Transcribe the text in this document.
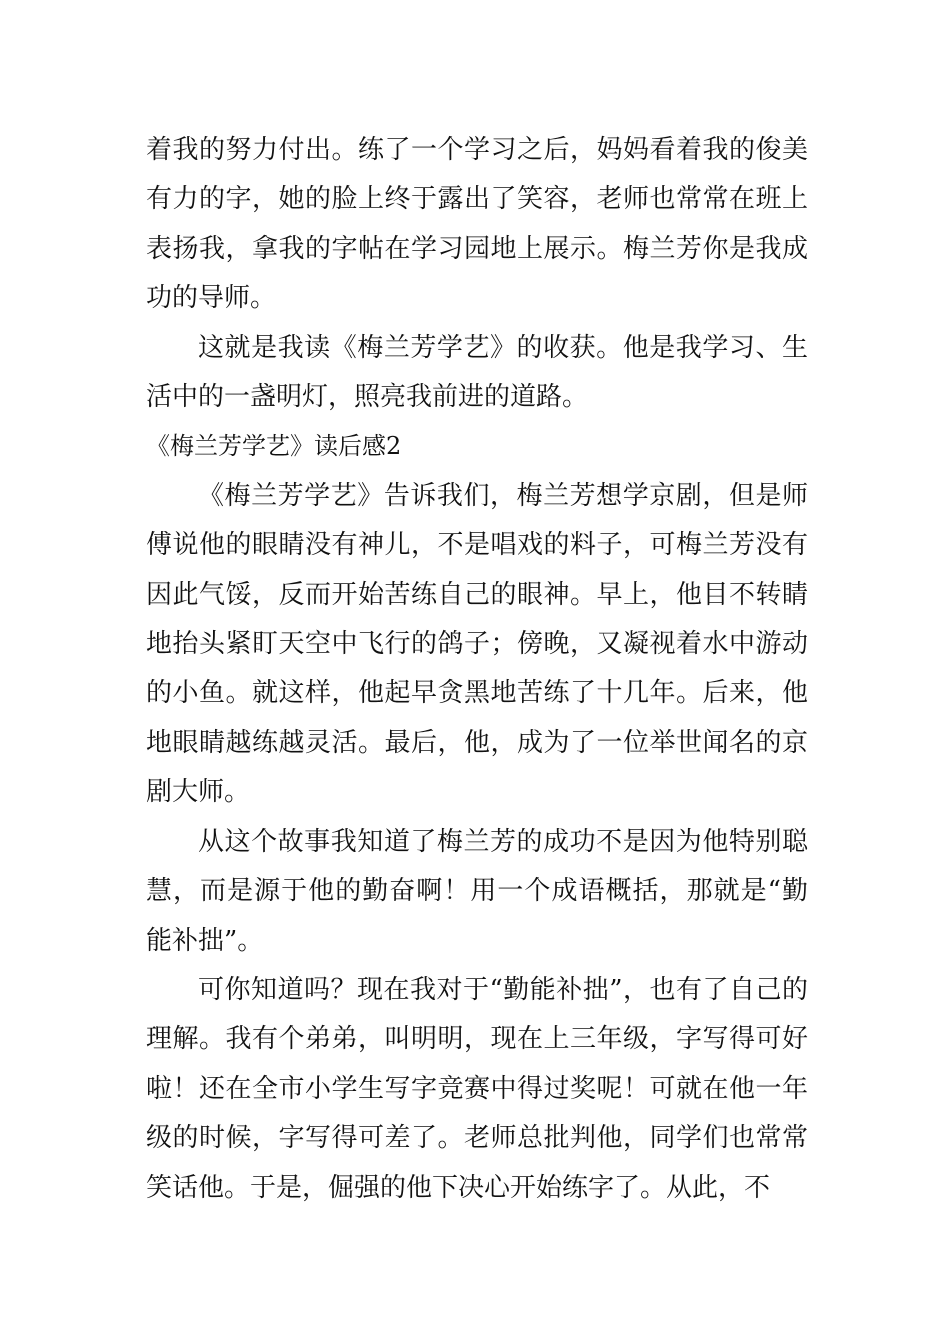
着我的努力付出。练了一个学习之后，妈妈看着我的俊美有力的字，她的脸上终于露出了笑容，老师也常常在班上表扬我，拿我的字帖在学习园地上展示。梅兰芳你是我成功的导师。

这就是我读《梅兰芳学艺》的收获。他是我学习、生活中的一盏明灯，照亮我前进的道路。

《梅兰芳学艺》读后感2

《梅兰芳学艺》告诉我们，梅兰芳想学京剧，但是师傅说他的眼睛没有神儿，不是唱戏的料子，可梅兰芳没有因此气馁，反而开始苦练自己的眼神。早上，他目不转睛地抬头紧盯天空中飞行的鸽子；傍晚，又凝视着水中游动的小鱼。就这样，他起早贪黑地苦练了十几年。后来，他地眼睛越练越灵活。最后，他，成为了一位举世闻名的京剧大师。

从这个故事我知道了梅兰芳的成功不是因为他特别聪慧，而是源于他的勤奋啊！用一个成语概括，那就是“勤能补拙”。

可你知道吗？现在我对于“勤能补拙”，也有了自己的理解。我有个弟弟，叫明明，现在上三年级，字写得可好啦！还在全市小学生写字竞赛中得过奖呢！可就在他一年级的时候，字写得可差了。老师总批判他，同学们也常常笑话他。于是，倔强的他下决心开始练字了。从此，不
